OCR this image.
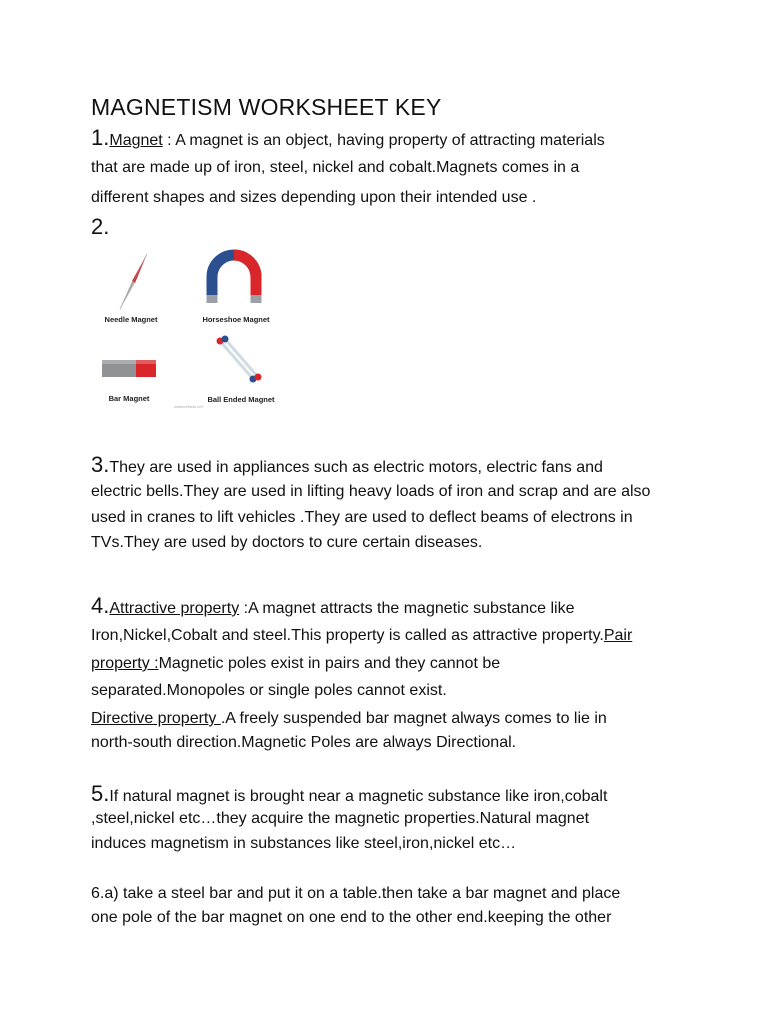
MAGNETISM WORKSHEET KEY
1.Magnet : A magnet is an object, having property of attracting materials
that are made up of iron, steel, nickel and cobalt.Magnets comes in a
different shapes and sizes depending upon their intended use .
2.
Needle Magnet	Horseshoe Magnet
Bar Magnet	Ball Ended Magnet
sciencefacts.net
3.They are used in appliances such as electric motors, electric fans and
electric bells.They are used in lifting heavy loads of iron and scrap and are also
used in cranes to lift vehicles .They are used to deflect beams of electrons in
TVs.They are used by doctors to cure certain diseases.
4.Attractive property :A magnet attracts the magnetic substance like
Iron,Nickel,Cobalt and steel.This property is called as attractive property.Pair
property :Magnetic poles exist in pairs and they cannot be
separated.Monopoles or single poles cannot exist.
Directive property .A freely suspended bar magnet always comes to lie in
north-south direction.Magnetic Poles are always Directional.
5.If natural magnet is brought near a magnetic substance like iron,cobalt
,steel,nickel etc…they acquire the magnetic properties.Natural magnet
induces magnetism in substances like steel,iron,nickel etc…
6.a) take a steel bar and put it on a table.then take a bar magnet and place
one pole of the bar magnet on one end to the other end.keeping the other
